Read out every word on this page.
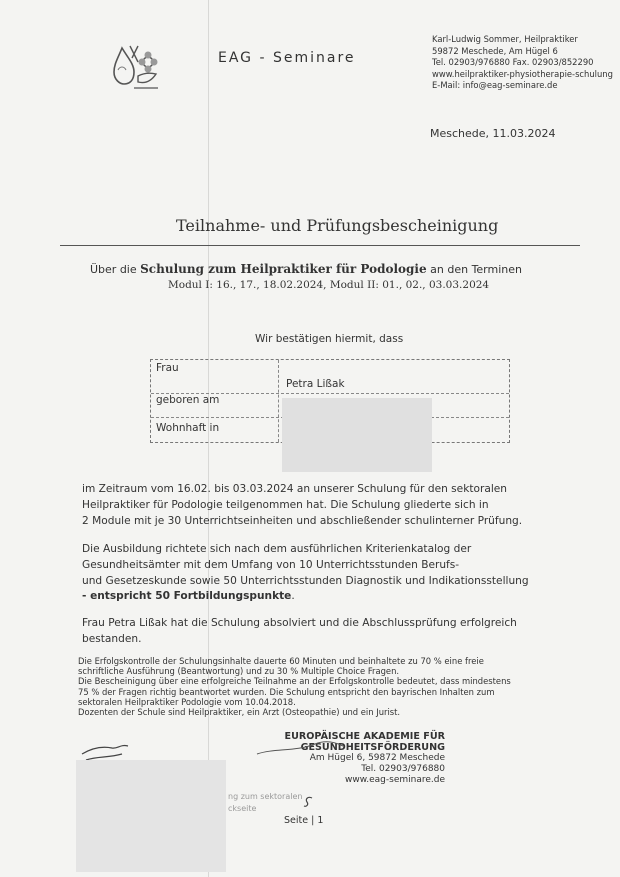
EAG - Seminare
Karl-Ludwig Sommer, Heilpraktiker
59872 Meschede, Am Hügel 6
Tel. 02903/976880 Fax. 02903/852290
www.heilpraktiker-physiotherapie-schulung
E-Mail: info@eag-seminare.de
Meschede, 11.03.2024
Teilnahme- und Prüfungsbescheinigung
Über die Schulung zum Heilpraktiker für Podologie an den Terminen
Modul I: 16., 17., 18.02.2024, Modul II: 01., 02., 03.03.2024
Wir bestätigen hiermit, dass
Frau
Petra Lißak
geboren am
Wohnhaft in
im Zeitraum vom 16.02. bis 03.03.2024 an unserer Schulung für den sektoralen
Heilpraktiker für Podologie teilgenommen hat. Die Schulung gliederte sich in
2 Module mit je 30 Unterrichtseinheiten und abschließender schulinterner Prüfung.
Die Ausbildung richtete sich nach dem ausführlichen Kriterienkatalog der
Gesundheitsämter mit dem Umfang von 10 Unterrichtsstunden Berufs-
und Gesetzeskunde sowie 50 Unterrichtsstunden Diagnostik und Indikationsstellung
- entspricht 50 Fortbildungspunkte.
Frau Petra Lißak hat die Schulung absolviert und die Abschlussprüfung erfolgreich
bestanden.
Die Erfolgskontrolle der Schulungsinhalte dauerte 60 Minuten und beinhaltete zu 70 % eine freie
schriftliche Ausführung (Beantwortung) und zu 30 % Multiple Choice Fragen.
Die Bescheinigung über eine erfolgreiche Teilnahme an der Erfolgskontrolle bedeutet, dass mindestens
75 % der Fragen richtig beantwortet wurden. Die Schulung entspricht den bayrischen Inhalten zum
sektoralen Heilpraktiker Podologie vom 10.04.2018.
Dozenten der Schule sind Heilpraktiker, ein Arzt (Osteopathie) und ein Jurist.
EUROPÄISCHE AKADEMIE FÜR
GESUNDHEITSFÖRDERUNG
Am Hügel 6, 59872 Meschede
Tel. 02903/976880
www.eag-seminare.de
ng zum sektoralen
ckseite
Seite | 1
